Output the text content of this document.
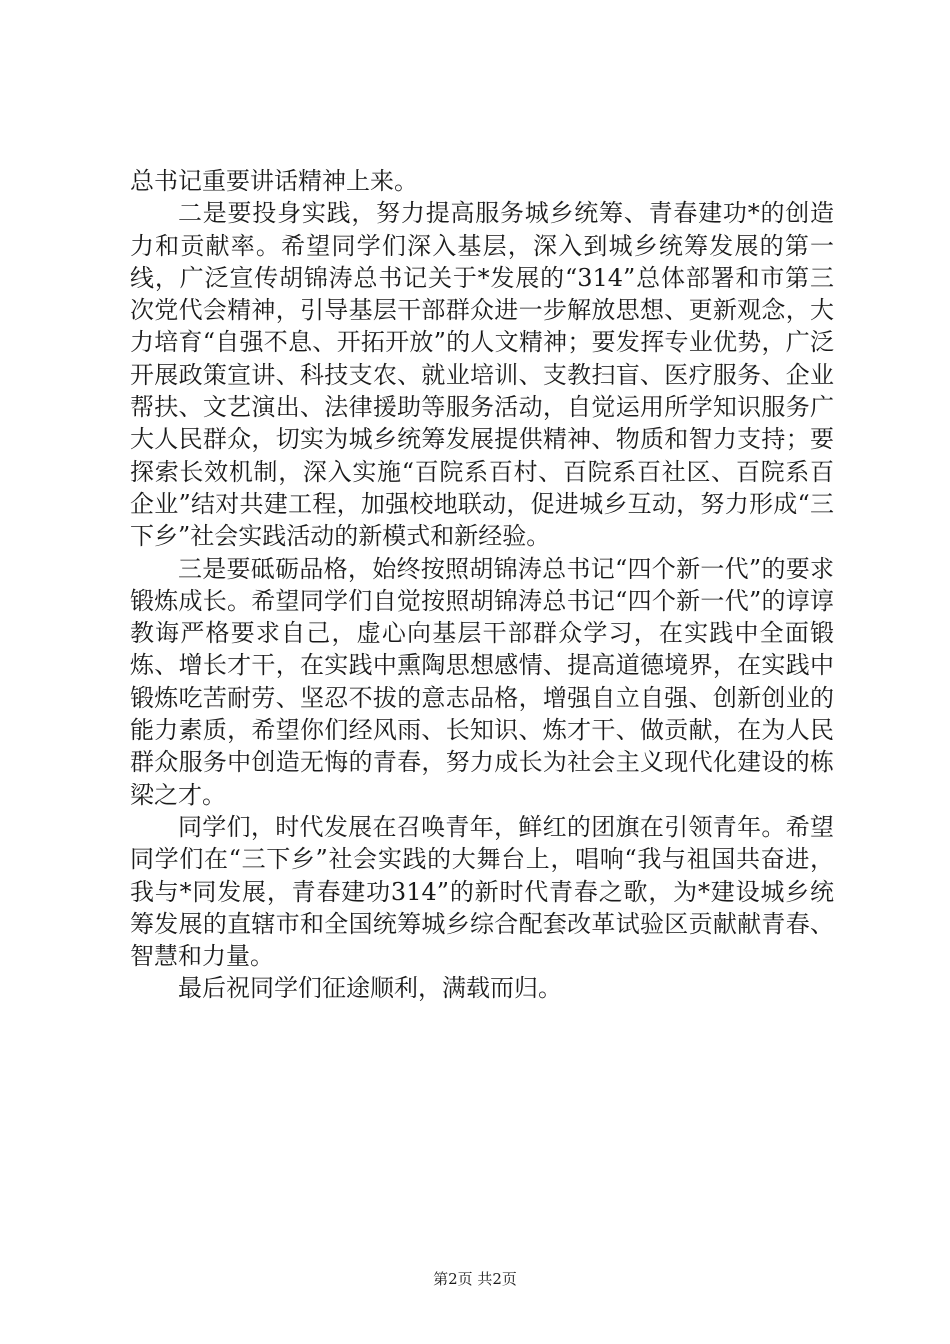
总书记重要讲话精神上来。

二是要投身实践，努力提高服务城乡统筹、青春建功*的创造力和贡献率。希望同学们深入基层，深入到城乡统筹发展的第一线，广泛宣传胡锦涛总书记关于*发展的“314”总体部署和市第三次党代会精神，引导基层干部群众进一步解放思想、更新观念，大力培育“自强不息、开拓开放”的人文精神；要发挥专业优势，广泛开展政策宣讲、科技支农、就业培训、支教扫盲、医疗服务、企业帮扶、文艺演出、法律援助等服务活动，自觉运用所学知识服务广大人民群众，切实为城乡统筹发展提供精神、物质和智力支持；要探索长效机制，深入实施“百院系百村、百院系百社区、百院系百企业”结对共建工程，加强校地联动，促进城乡互动，努力形成“三下乡”社会实践活动的新模式和新经验。

三是要砥砺品格，始终按照胡锦涛总书记“四个新一代”的要求锻炼成长。希望同学们自觉按照胡锦涛总书记“四个新一代”的谆谆教诲严格要求自己，虚心向基层干部群众学习，在实践中全面锻炼、增长才干，在实践中熏陶思想感情、提高道德境界，在实践中锻炼吃苦耐劳、坚忍不拔的意志品格，增强自立自强、创新创业的能力素质，希望你们经风雨、长知识、炼才干、做贡献，在为人民群众服务中创造无悔的青春，努力成长为社会主义现代化建设的栋梁之才。

同学们，时代发展在召唤青年，鲜红的团旗在引领青年。希望同学们在“三下乡”社会实践的大舞台上，唱响“我与祖国共奋进，我与*同发展，青春建功314”的新时代青春之歌，为*建设城乡统筹发展的直辖市和全国统筹城乡综合配套改革试验区贡献献青春、智慧和力量。

最后祝同学们征途顺利，满载而归。

第2页 共2页
